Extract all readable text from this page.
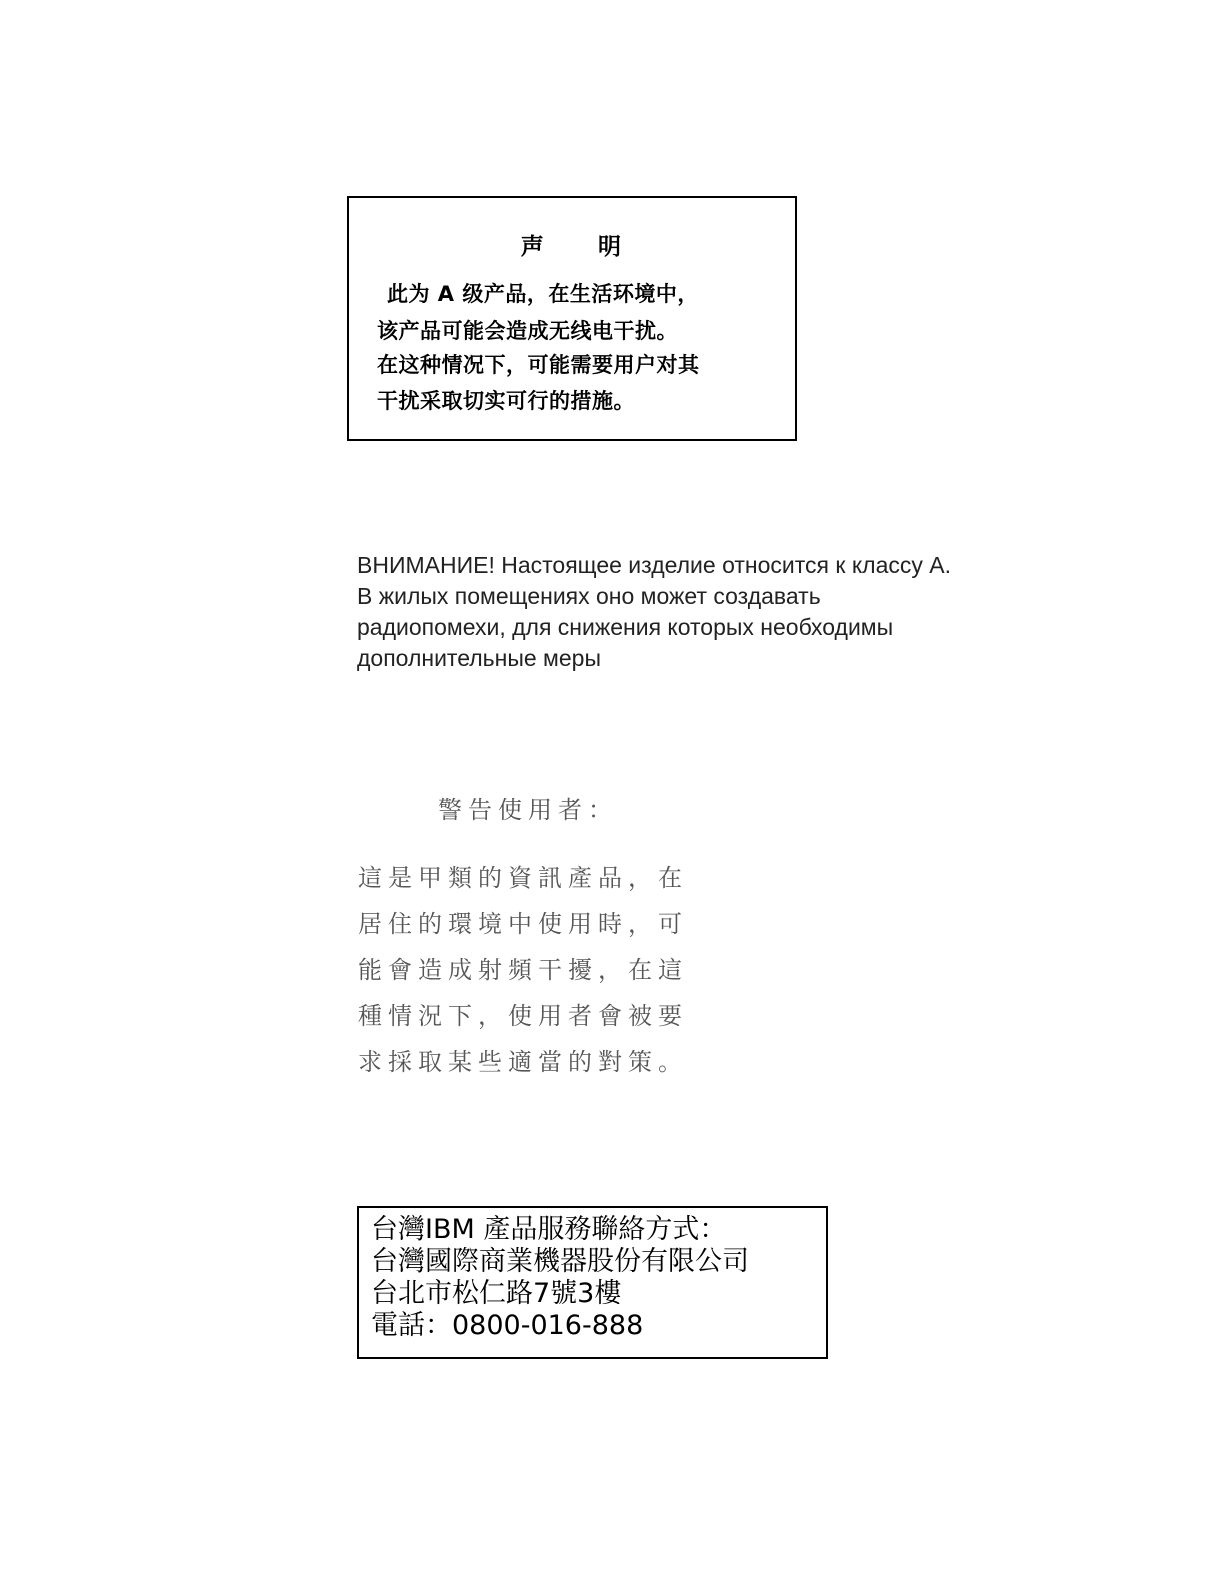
声 明
此为 A 级产品，在生活环境中，
该产品可能会造成无线电干扰。
在这种情况下，可能需要用户对其
干扰采取切实可行的措施。
ВНИМАНИЕ! Настоящее изделие относится к классу А.
В жилых помещениях оно может создавать
радиопомехи, для снижения которых необходимы
дополнительные меры
警告使用者：
這是甲類的資訊產品，在
居住的環境中使用時，可
能會造成射頻干擾，在這
種情況下，使用者會被要
求採取某些適當的對策。
台灣IBM 產品服務聯絡方式：
台灣國際商業機器股份有限公司
台北市松仁路7號3樓
電話：0800-016-888
